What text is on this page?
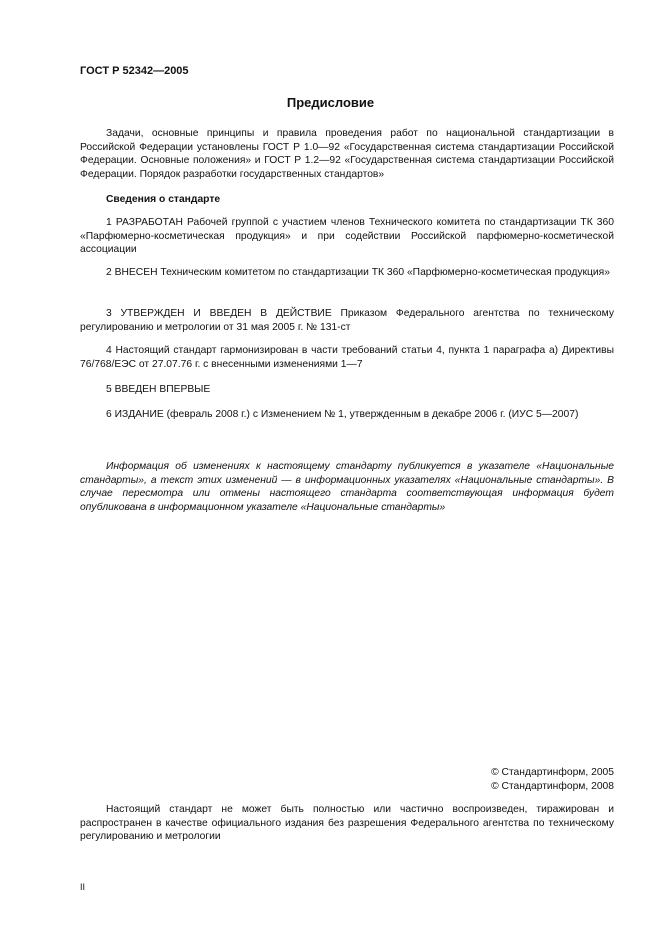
ГОСТ Р 52342—2005
Предисловие

Задачи, основные принципы и правила проведения работ по национальной стандартизации в Российской Федерации установлены ГОСТ Р 1.0—92 «Государственная система стандартизации Российской Федерации. Основные положения» и ГОСТ Р 1.2—92 «Государственная система стандартизации Российской Федерации. Порядок разработки государственных стандартов»

Сведения о стандарте

1 РАЗРАБОТАН Рабочей группой с участием членов Технического комитета по стандартизации ТК 360 «Парфюмерно-косметическая продукция» и при содействии Российской парфюмерно-косметической ассоциации

2 ВНЕСЕН Техническим комитетом по стандартизации ТК 360 «Парфюмерно-косметическая продукция»

3 УТВЕРЖДЕН И ВВЕДЕН В ДЕЙСТВИЕ Приказом Федерального агентства по техническому регулированию и метрологии от 31 мая 2005 г. № 131-ст

4 Настоящий стандарт гармонизирован в части требований статьи 4, пункта 1 параграфа а) Директивы 76/768/ЕЭС от 27.07.76 г. с внесенными изменениями 1—7

5 ВВЕДЕН ВПЕРВЫЕ

6 ИЗДАНИЕ (февраль 2008 г.) с Изменением № 1, утвержденным в декабре 2006 г. (ИУС 5—2007)

Информация об изменениях к настоящему стандарту публикуется в указателе «Национальные стандарты», а текст этих изменений — в информационных указателях «Национальные стандарты». В случае пересмотра или отмены настоящего стандарта соответствующая информация будет опубликована в информационном указателе «Национальные стандарты»

© Стандартинформ, 2005
© Стандартинформ, 2008

Настоящий стандарт не может быть полностью или частично воспроизведен, тиражирован и распространен в качестве официального издания без разрешения Федерального агентства по техническому регулированию и метрологии

II
